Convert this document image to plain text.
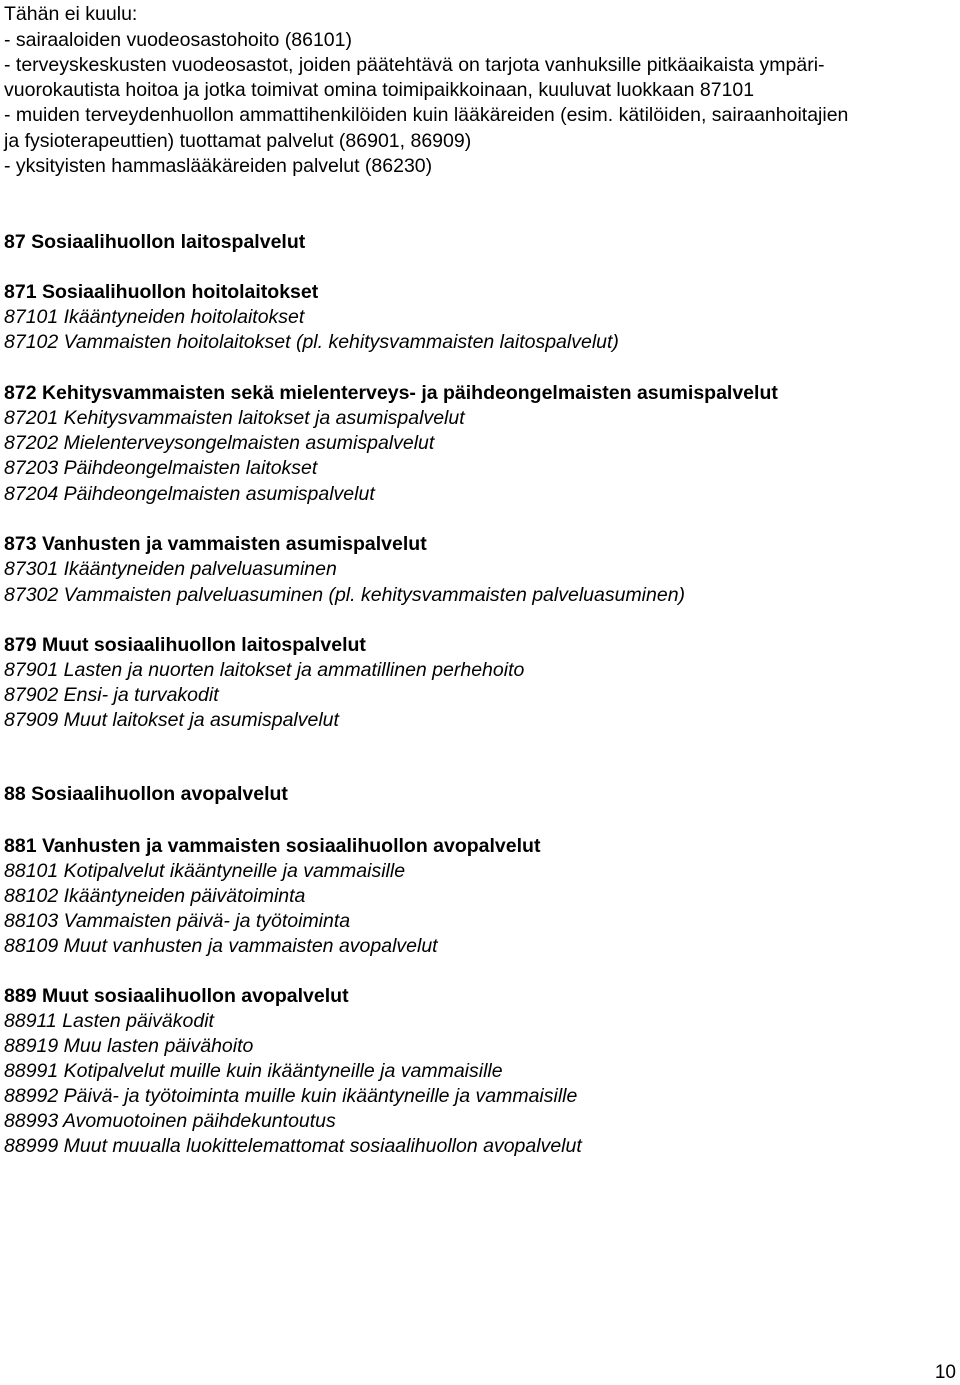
Tähän ei kuulu:
- sairaaloiden vuodeosastohoito (86101)
- terveyskeskusten vuodeosastot, joiden päätehtävä on tarjota vanhuksille pitkäaikaista ympäri-
vuorokautista hoitoa ja jotka toimivat omina toimipaikkoinaan, kuuluvat luokkaan 87101
- muiden terveydenhuollon ammattihenkilöiden kuin lääkäreiden (esim. kätilöiden, sairaanhoitajien
ja fysioterapeuttien) tuottamat palvelut (86901, 86909)
- yksityisten hammaslääkäreiden palvelut (86230)
87 Sosiaalihuollon laitospalvelut
871 Sosiaalihuollon hoitolaitokset
87101 Ikääntyneiden hoitolaitokset
87102 Vammaisten hoitolaitokset (pl. kehitysvammaisten laitospalvelut)
872 Kehitysvammaisten sekä mielenterveys- ja päihdeongelmaisten asumispalvelut
87201 Kehitysvammaisten laitokset ja asumispalvelut
87202 Mielenterveysongelmaisten asumispalvelut
87203 Päihdeongelmaisten laitokset
87204 Päihdeongelmaisten asumispalvelut
873 Vanhusten ja vammaisten asumispalvelut
87301 Ikääntyneiden palveluasuminen
87302 Vammaisten palveluasuminen (pl. kehitysvammaisten palveluasuminen)
879 Muut sosiaalihuollon laitospalvelut
87901 Lasten ja nuorten laitokset ja ammatillinen perhehoito
87902 Ensi- ja turvakodit
87909 Muut laitokset ja asumispalvelut
88 Sosiaalihuollon avopalvelut
881 Vanhusten ja vammaisten sosiaalihuollon avopalvelut
88101 Kotipalvelut ikääntyneille ja vammaisille
88102 Ikääntyneiden päivätoiminta
88103 Vammaisten päivä- ja työtoiminta
88109 Muut vanhusten ja vammaisten avopalvelut
889 Muut sosiaalihuollon avopalvelut
88911 Lasten päiväkodit
88919 Muu lasten päivähoito
88991 Kotipalvelut muille kuin ikääntyneille ja vammaisille
88992 Päivä- ja työtoiminta muille kuin ikääntyneille ja vammaisille
88993 Avomuotoinen päihdekuntoutus
88999 Muut muualla luokittelemattomat sosiaalihuollon avopalvelut
10
